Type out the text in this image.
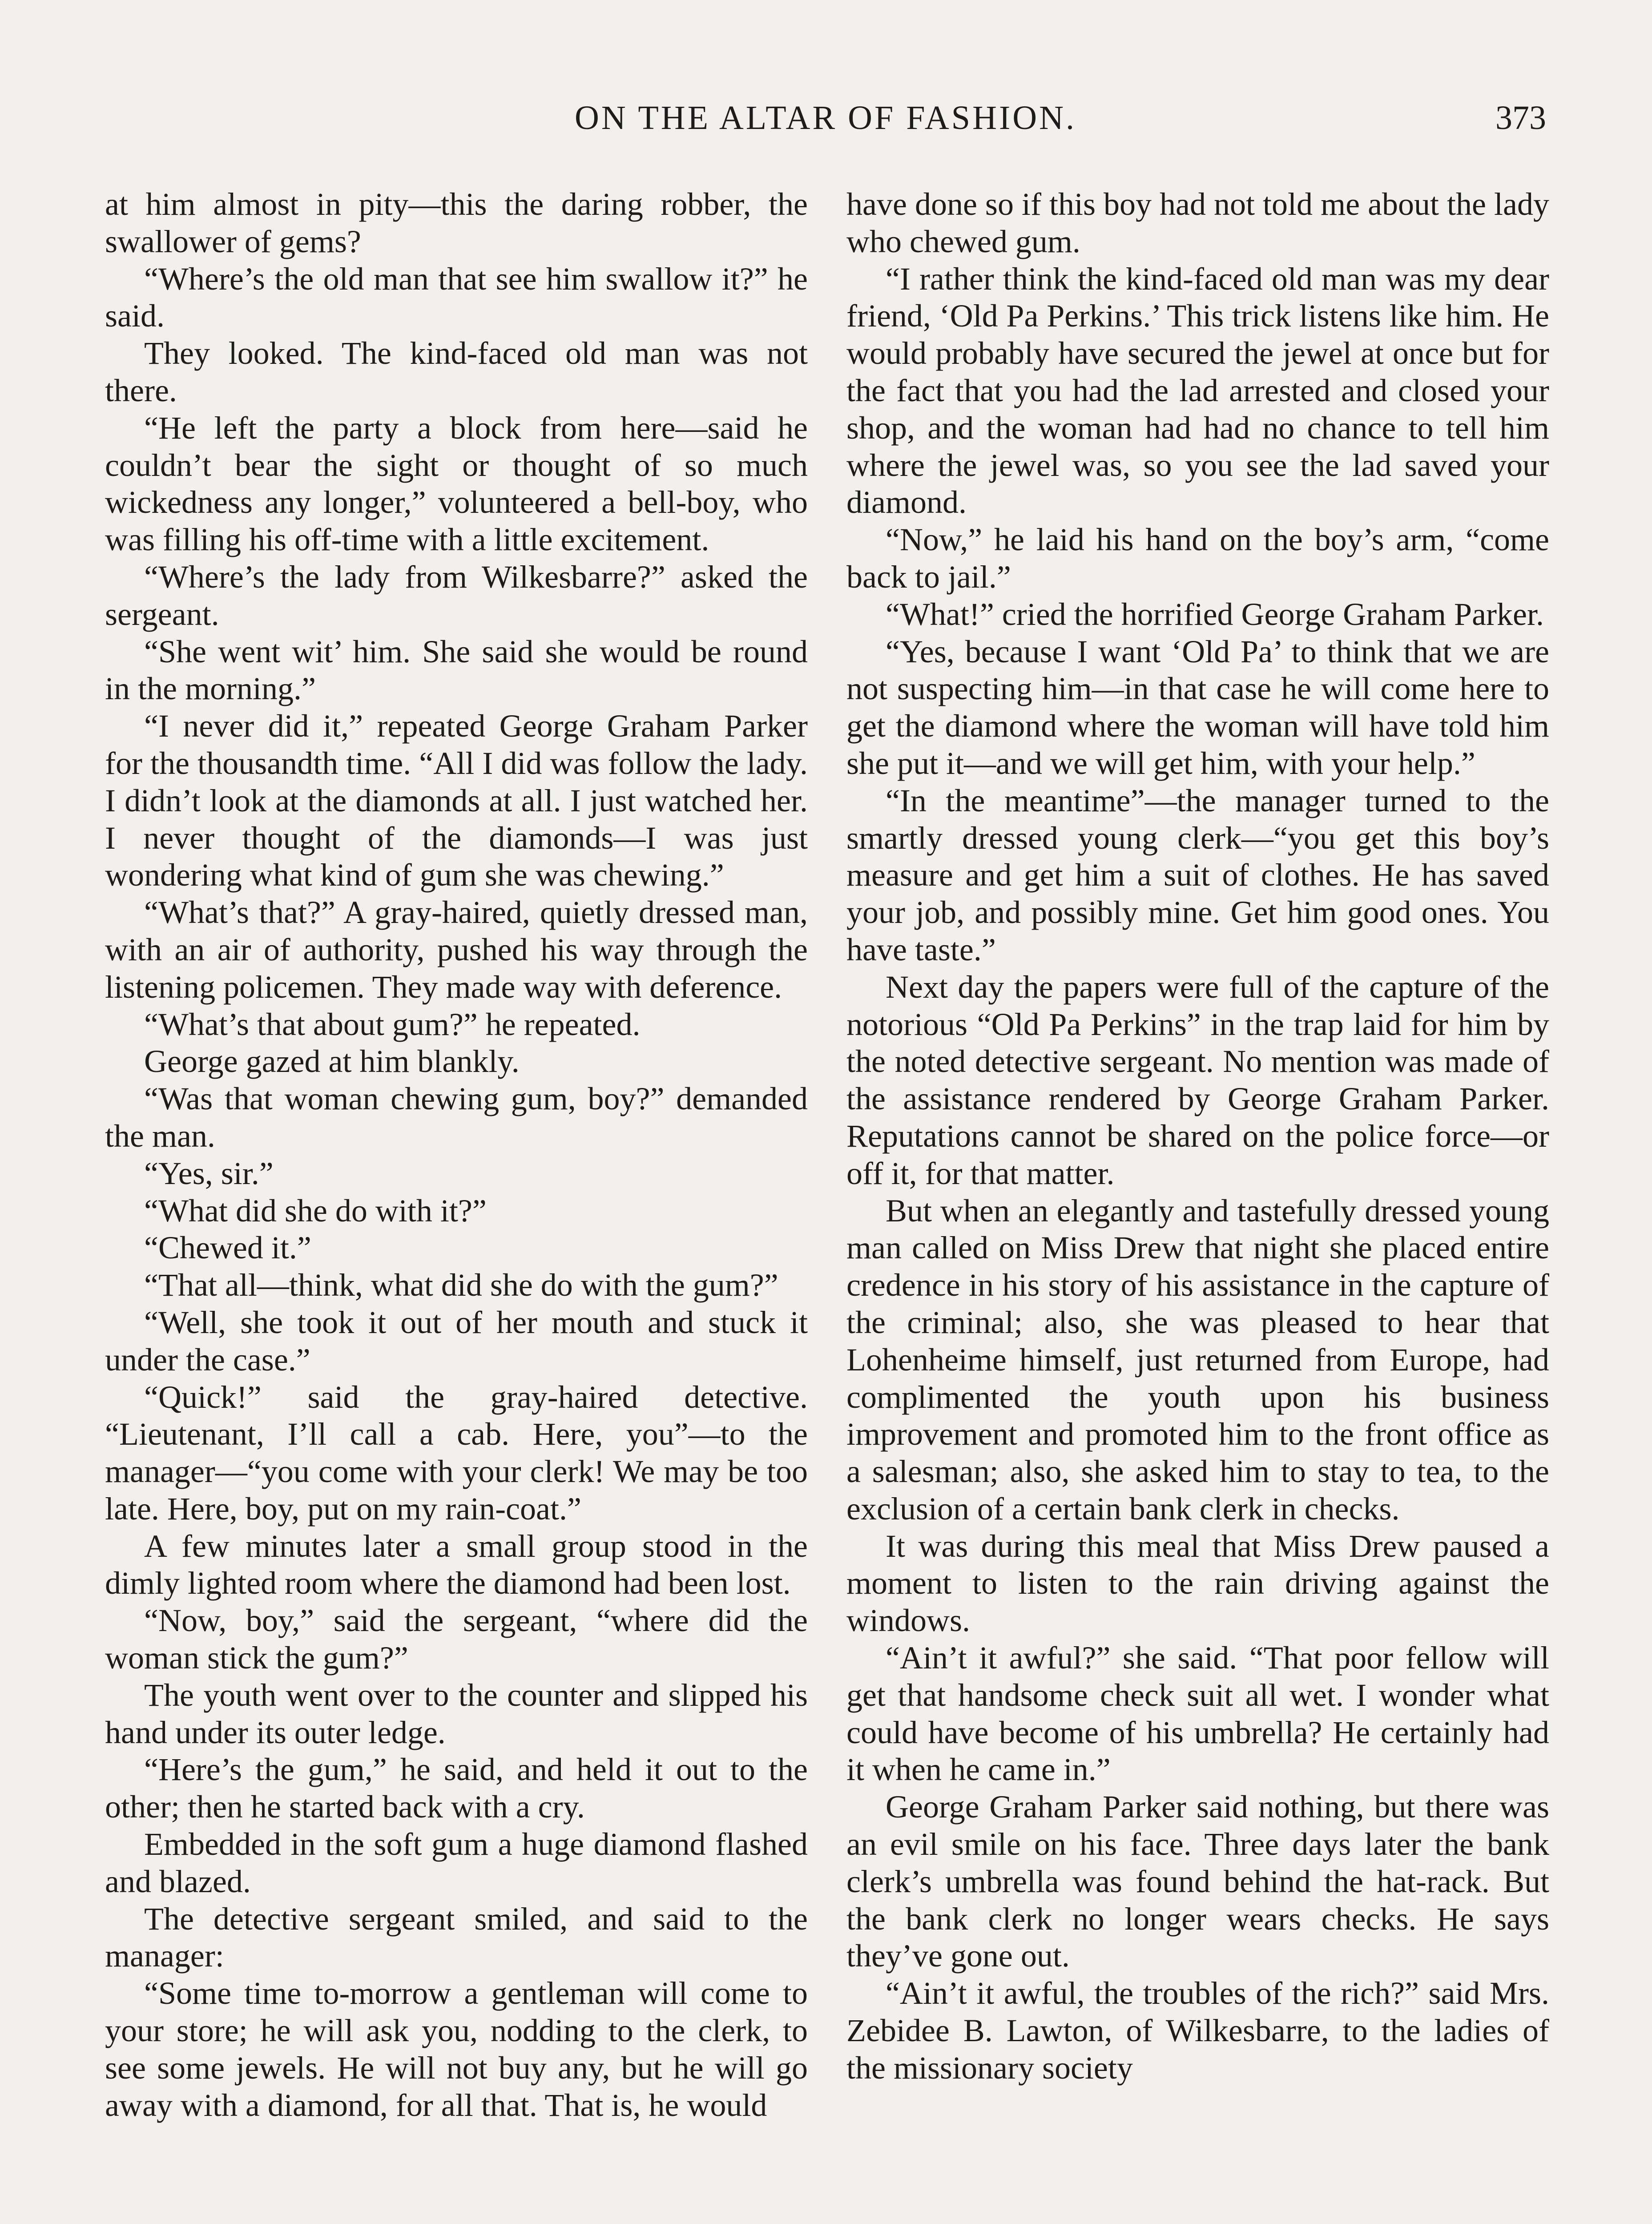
ON THE ALTAR OF FASHION.	373

at him almost in pity—this the daring robber, the swallower of gems?

“Where’s the old man that see him swallow it?” he said.

They looked. The kind-faced old man was not there.

“He left the party a block from here—said he couldn’t bear the sight or thought of so much wickedness any longer,” volunteered a bell-boy, who was filling his off-time with a little excitement.

“Where’s the lady from Wilkesbarre?” asked the sergeant.

“She went wit’ him. She said she would be round in the morning.”

“I never did it,” repeated George Graham Parker for the thousandth time. “All I did was follow the lady. I didn’t look at the diamonds at all. I just watched her. I never thought of the diamonds—I was just wondering what kind of gum she was chewing.”

“What’s that?” A gray-haired, quietly dressed man, with an air of authority, pushed his way through the listening policemen. They made way with deference.

“What’s that about gum?” he repeated.

George gazed at him blankly.

“Was that woman chewing gum, boy?” demanded the man.

“Yes, sir.”

“What did she do with it?”

“Chewed it.”

“That all—think, what did she do with the gum?”

“Well, she took it out of her mouth and stuck it under the case.”

“Quick!” said the gray-haired detective. “Lieutenant, I’ll call a cab. Here, you”—to the manager—“you come with your clerk! We may be too late. Here, boy, put on my rain-coat.”

A few minutes later a small group stood in the dimly lighted room where the diamond had been lost.

“Now, boy,” said the sergeant, “where did the woman stick the gum?”

The youth went over to the counter and slipped his hand under its outer ledge.

“Here’s the gum,” he said, and held it out to the other; then he started back with a cry.

Embedded in the soft gum a huge diamond flashed and blazed.

The detective sergeant smiled, and said to the manager:

“Some time to-morrow a gentleman will come to your store; he will ask you, nodding to the clerk, to see some jewels. He will not buy any, but he will go away with a diamond, for all that. That is, he would

have done so if this boy had not told me about the lady who chewed gum.

“I rather think the kind-faced old man was my dear friend, ‘Old Pa Perkins.’ This trick listens like him. He would probably have secured the jewel at once but for the fact that you had the lad arrested and closed your shop, and the woman had had no chance to tell him where the jewel was, so you see the lad saved your diamond.

“Now,” he laid his hand on the boy’s arm, “come back to jail.”

“What!” cried the horrified George Graham Parker.

“Yes, because I want ‘Old Pa’ to think that we are not suspecting him—in that case he will come here to get the diamond where the woman will have told him she put it—and we will get him, with your help.”

“In the meantime”—the manager turned to the smartly dressed young clerk—“you get this boy’s measure and get him a suit of clothes. He has saved your job, and possibly mine. Get him good ones. You have taste.”

Next day the papers were full of the capture of the notorious “Old Pa Perkins” in the trap laid for him by the noted detective sergeant. No mention was made of the assistance rendered by George Graham Parker. Reputations cannot be shared on the police force—or off it, for that matter.

But when an elegantly and tastefully dressed young man called on Miss Drew that night she placed entire credence in his story of his assistance in the capture of the criminal; also, she was pleased to hear that Lohenheime himself, just returned from Europe, had complimented the youth upon his business improvement and promoted him to the front office as a salesman; also, she asked him to stay to tea, to the exclusion of a certain bank clerk in checks.

It was during this meal that Miss Drew paused a moment to listen to the rain driving against the windows.

“Ain’t it awful?” she said. “That poor fellow will get that handsome check suit all wet. I wonder what could have become of his umbrella? He certainly had it when he came in.”

George Graham Parker said nothing, but there was an evil smile on his face. Three days later the bank clerk’s umbrella was found behind the hat-rack. But the bank clerk no longer wears checks. He says they’ve gone out.

“Ain’t it awful, the troubles of the rich?” said Mrs. Zebidee B. Lawton, of Wilkesbarre, to the ladies of the missionary society
